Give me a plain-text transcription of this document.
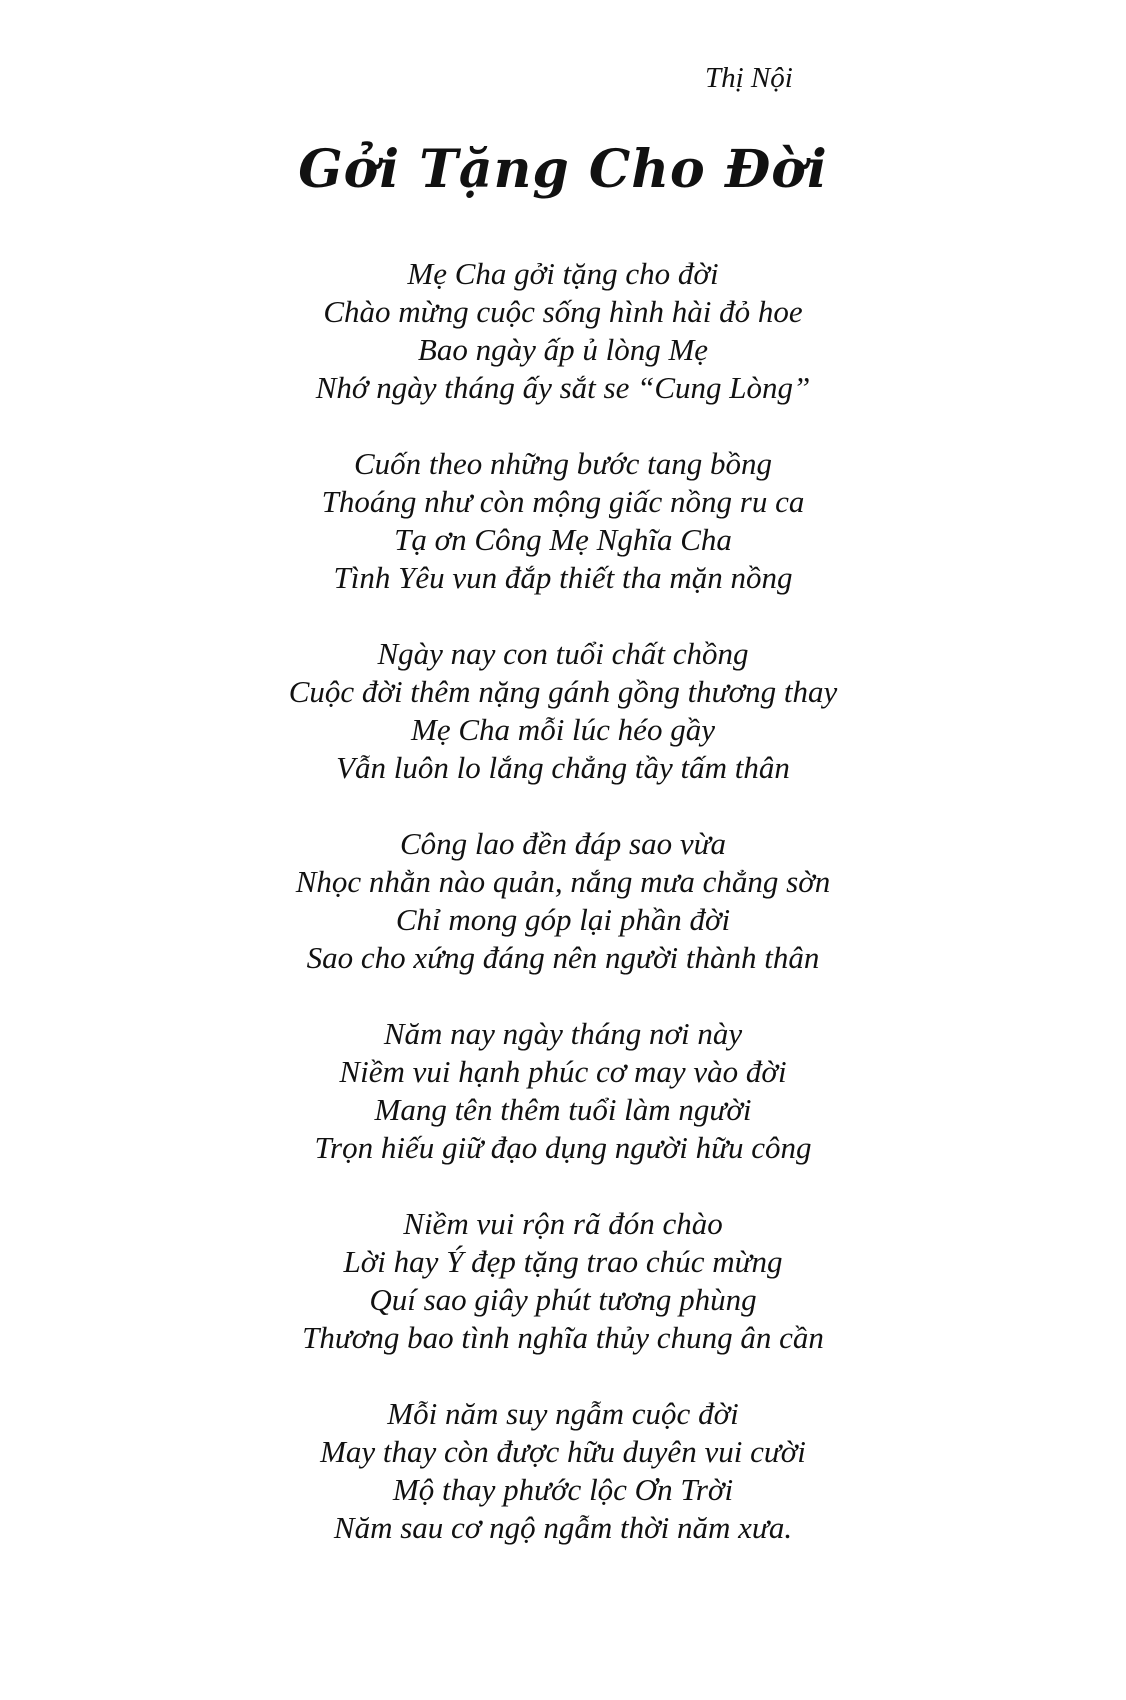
Thị Nội
Gởi Tặng Cho Đời
Mẹ Cha gởi tặng cho đời
Chào mừng cuộc sống hình hài đỏ hoe
Bao ngày ấp ủ lòng Mẹ
Nhớ ngày tháng ấy sắt se “Cung Lòng”
Cuốn theo những bước tang bồng
Thoáng như còn mộng giấc nồng ru ca
Tạ ơn Công Mẹ Nghĩa Cha
Tình Yêu vun đắp thiết tha mặn nồng
Ngày nay con tuổi chất chồng
Cuộc đời thêm nặng gánh gồng thương thay
Mẹ Cha mỗi lúc héo gầy
Vẫn luôn lo lắng chẳng tầy tấm thân
Công lao đền đáp sao vừa
Nhọc nhằn nào quản, nắng mưa chẳng sờn
Chỉ mong góp lại phần đời
Sao cho xứng đáng nên người thành thân
Năm nay ngày tháng nơi này
Niềm vui hạnh phúc cơ may vào đời
Mang tên thêm tuổi làm người
Trọn hiếu giữ đạo dụng người hữu công
Niềm vui rộn rã đón chào
Lời hay Ý đẹp tặng trao chúc mừng
Quí sao giây phút tương phùng
Thương bao tình nghĩa thủy chung ân cần
Mỗi năm suy ngẫm cuộc đời
May thay còn được hữu duyên vui cười
Mộ thay phước lộc Ơn Trời
Năm sau cơ ngộ ngẫm thời năm xưa.
